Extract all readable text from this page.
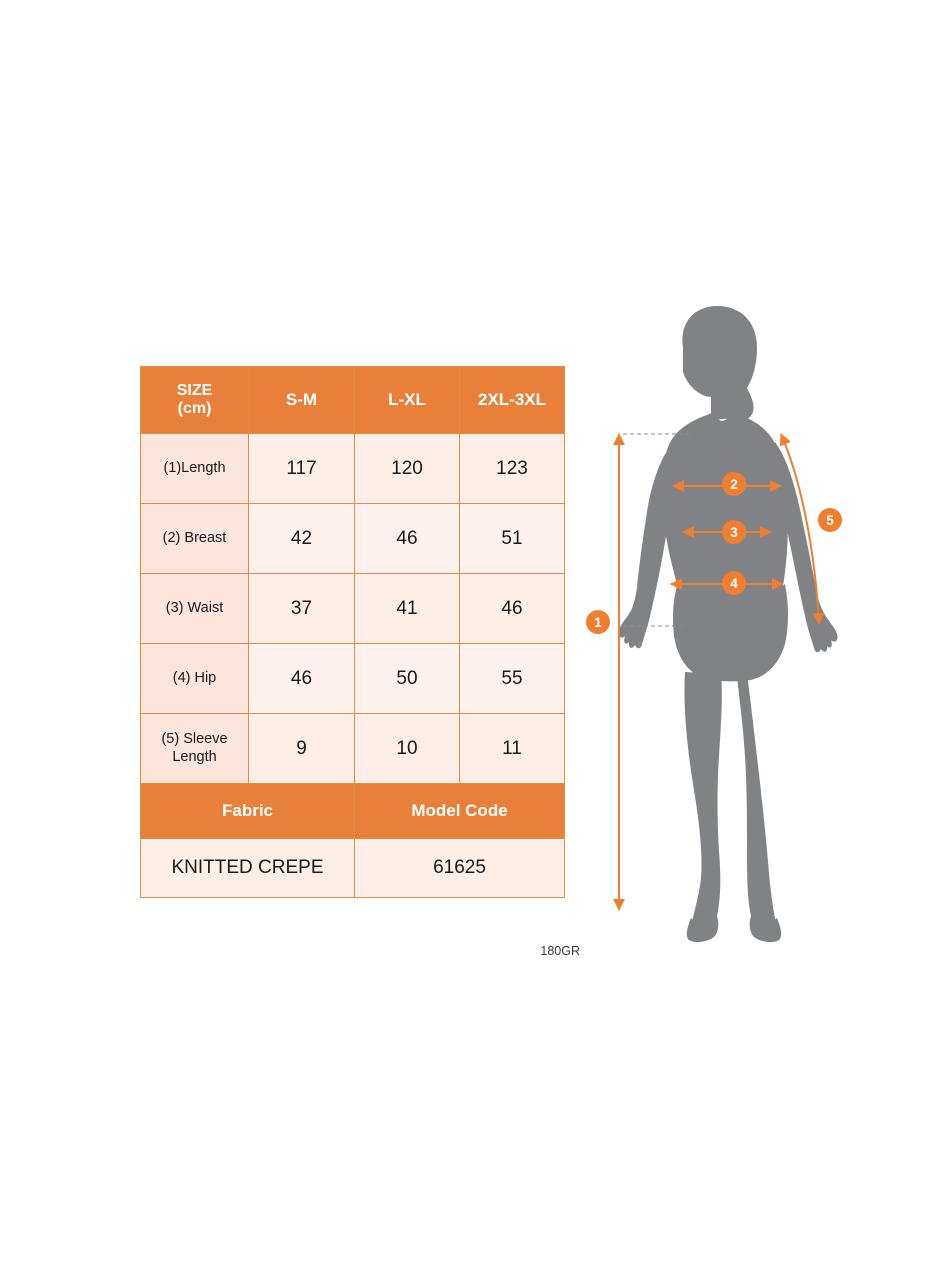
SIZE
(cm)	S-M	L-XL	2XL-3XL
(1)Length	117	120	123
(2) Breast	42	46	51
(3) Waist	37	41	46
(4) Hip	46	50	55
(5) Sleeve Length	9	10	11
Fabric		Model Code	
KNITTED CREPE		61625	
180GR
1
2
3
4
5
